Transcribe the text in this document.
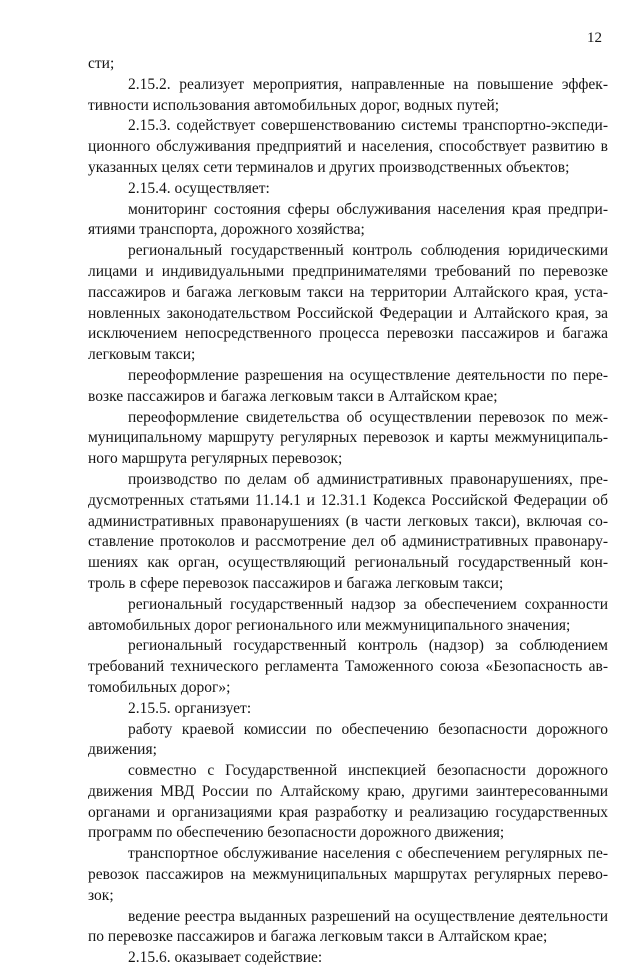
12

сти;

2.15.2. реализует мероприятия, направленные на повышение эффективности использования автомобильных дорог, водных путей;

2.15.3. содействует совершенствованию системы транспортно-экспедиционного обслуживания предприятий и населения, способствует развитию в указанных целях сети терминалов и других производственных объектов;

2.15.4. осуществляет:

мониторинг состояния сферы обслуживания населения края предприятиями транспорта, дорожного хозяйства;

региональный государственный контроль соблюдения юридическими лицами и индивидуальными предпринимателями требований по перевозке пассажиров и багажа легковым такси на территории Алтайского края, установленных законодательством Российской Федерации и Алтайского края, за исключением непосредственного процесса перевозки пассажиров и багажа легковым такси;

переоформление разрешения на осуществление деятельности по перевозке пассажиров и багажа легковым такси в Алтайском крае;

переоформление свидетельства об осуществлении перевозок по межмуниципальному маршруту регулярных перевозок и карты межмуниципального маршрута регулярных перевозок;

производство по делам об административных правонарушениях, предусмотренных статьями 11.14.1 и 12.31.1 Кодекса Российской Федерации об административных правонарушениях (в части легковых такси), включая составление протоколов и рассмотрение дел об административных правонарушениях как орган, осуществляющий региональный государственный контроль в сфере перевозок пассажиров и багажа легковым такси;

региональный государственный надзор за обеспечением сохранности автомобильных дорог регионального или межмуниципального значения;

региональный государственный контроль (надзор) за соблюдением требований технического регламента Таможенного союза «Безопасность автомобильных дорог»;

2.15.5. организует:

работу краевой комиссии по обеспечению безопасности дорожного движения;

совместно с Государственной инспекцией безопасности дорожного движения МВД России по Алтайскому краю, другими заинтересованными органами и организациями края разработку и реализацию государственных программ по обеспечению безопасности дорожного движения;

транспортное обслуживание населения с обеспечением регулярных перевозок пассажиров на межмуниципальных маршрутах регулярных перевозок;

ведение реестра выданных разрешений на осуществление деятельности по перевозке пассажиров и багажа легковым такси в Алтайском крае;

2.15.6. оказывает содействие:
